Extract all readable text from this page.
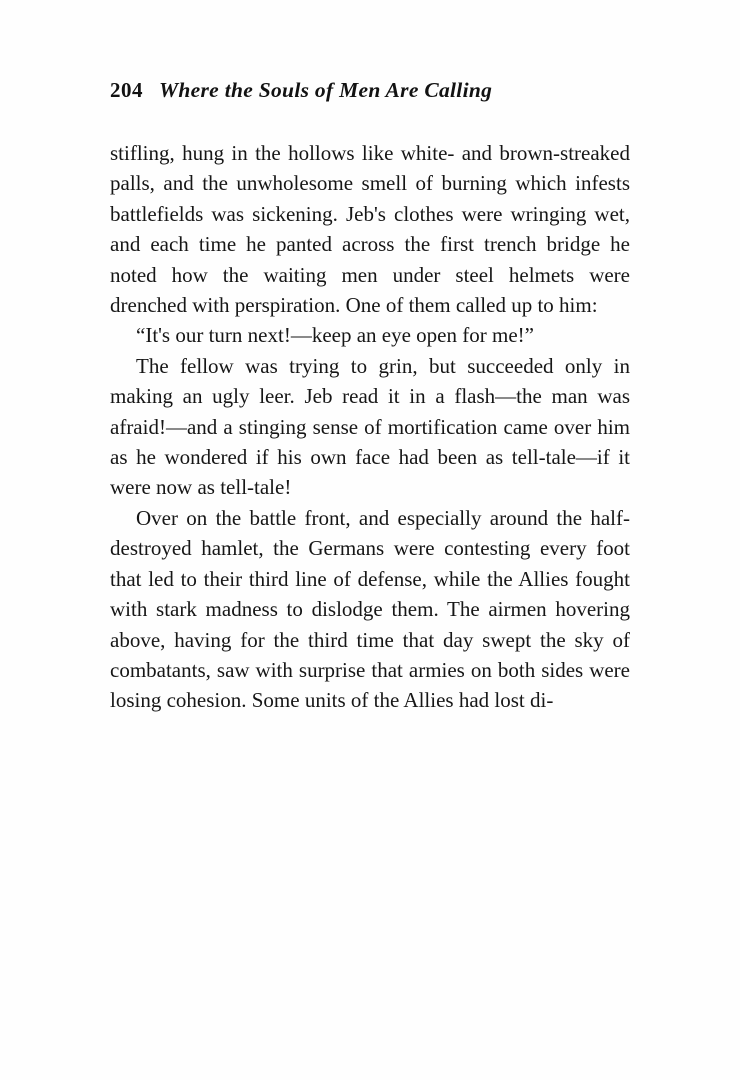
204 Where the Souls of Men Are Calling

stifling, hung in the hollows like white- and brown-streaked palls, and the unwholesome smell of burning which infests battlefields was sickening. Jeb's clothes were wringing wet, and each time he panted across the first trench bridge he noted how the waiting men under steel helmets were drenched with perspiration. One of them called up to him:

“It's our turn next!—keep an eye open for me!”

The fellow was trying to grin, but succeeded only in making an ugly leer. Jeb read it in a flash—the man was afraid!—and a stinging sense of mortification came over him as he wondered if his own face had been as tell-tale—if it were now as tell-tale!

Over on the battle front, and especially around the half-destroyed hamlet, the Germans were contesting every foot that led to their third line of defense, while the Allies fought with stark madness to dislodge them. The airmen hovering above, having for the third time that day swept the sky of combatants, saw with surprise that armies on both sides were losing cohesion. Some units of the Allies had lost di-
